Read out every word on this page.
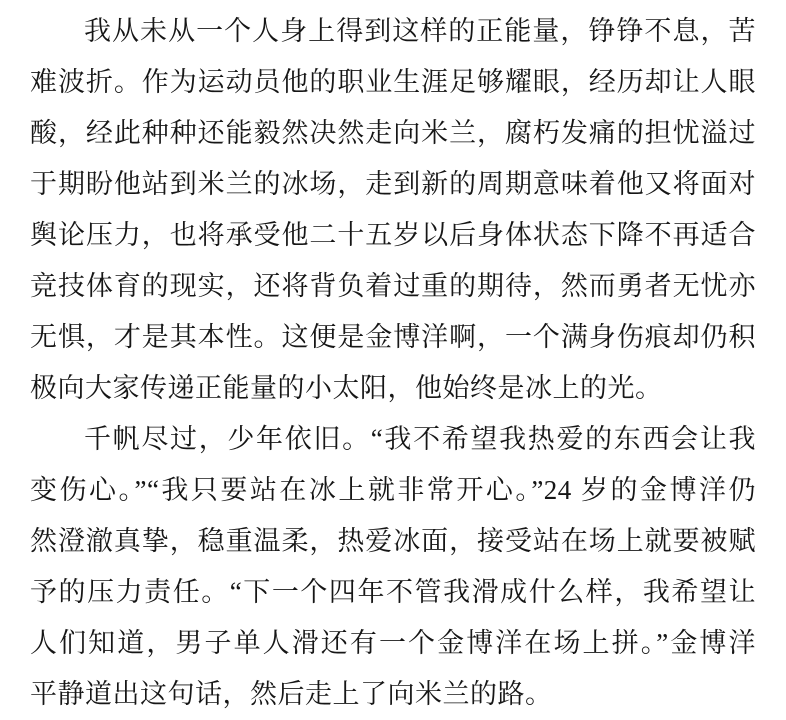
我从未从一个人身上得到这样的正能量，铮铮不息，苦
难波折。作为运动员他的职业生涯足够耀眼，经历却让人眼
酸，经此种种还能毅然决然走向米兰，腐朽发痛的担忧溢过
于期盼他站到米兰的冰场，走到新的周期意味着他又将面对
舆论压力，也将承受他二十五岁以后身体状态下降不再适合
竞技体育的现实，还将背负着过重的期待，然而勇者无忧亦
无惧，才是其本性。这便是金博洋啊，一个满身伤痕却仍积
极向大家传递正能量的小太阳，他始终是冰上的光。
千帆尽过，少年依旧。“我不希望我热爱的东西会让我
变伤心。”“我只要站在冰上就非常开心。”24 岁的金博洋仍
然澄澈真挚，稳重温柔，热爱冰面，接受站在场上就要被赋
予的压力责任。“下一个四年不管我滑成什么样，我希望让
人们知道，男子单人滑还有一个金博洋在场上拼。”金博洋
平静道出这句话，然后走上了向米兰的路。
